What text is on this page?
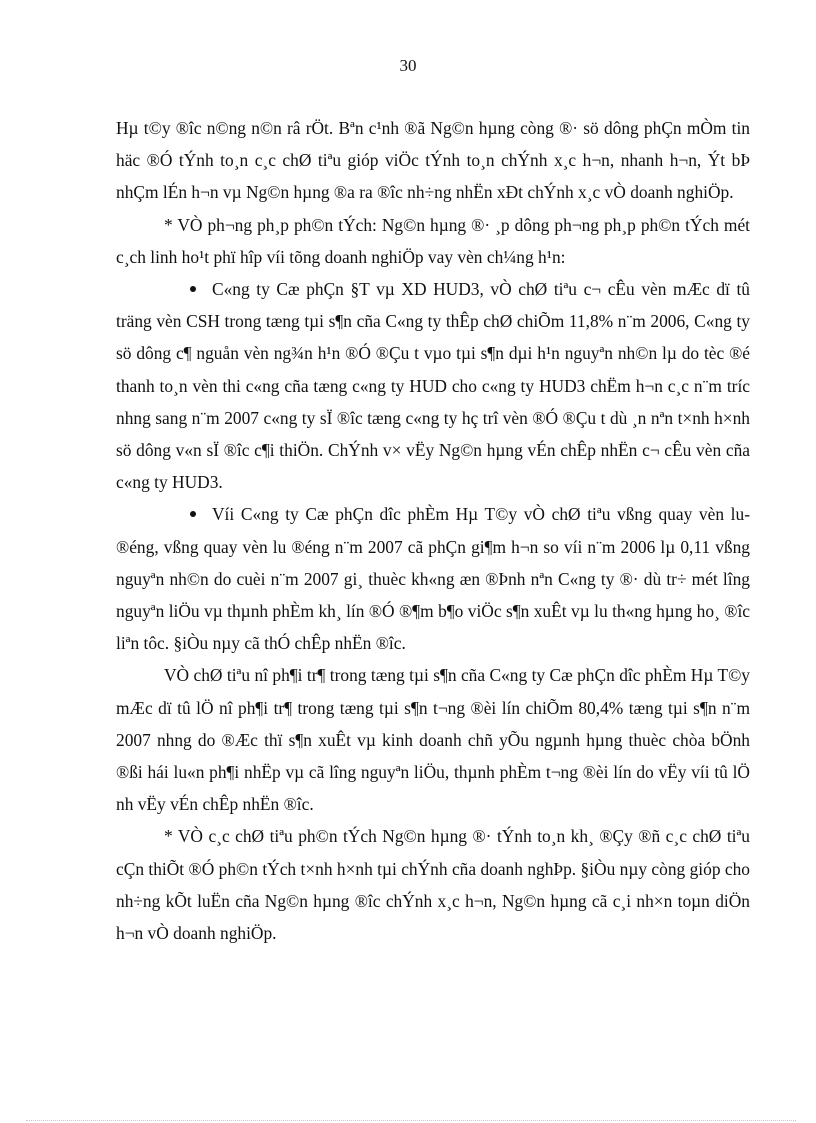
30

Hµ t©y ®îc n©ng n©n râ rÖt. Bªn c¹nh ®ã Ng©n hµng còng ®· sö dông phÇn mÒm tin häc ®Ó tÝnh to¸n c¸c chØ tiªu gióp viÖc tÝnh to¸n chÝnh x¸c h¬n, nhanh h¬n, Ýt bÞ nhÇm lÉn h¬n vµ Ng©n hµng ®a ra ®îc nh÷ng nhËn xÐt chÝnh x¸c vÒ doanh nghiÖp.

* VÒ ph¬ng ph¸p ph©n tÝch: Ng©n hµng ®· ¸p dông ph¬ng ph¸p ph©n tÝch mét c¸ch linh ho¹t phï hîp víi tõng doanh nghiÖp vay vèn ch¼ng h¹n:

C«ng ty Cæ phÇn §T vµ XD HUD3, vÒ chØ tiªu c¬ cÊu vèn mÆc dï tû träng vèn CSH trong tæng tµi s¶n cña C«ng ty thÊp chØ chiÕm 11,8% n¨m 2006, C«ng ty sö dông c¶ nguån vèn ng¾n h¹n ®Ó ®Çu t vµo tµi s¶n dµi h¹n nguyªn nh©n lµ do tèc ®é thanh to¸n vèn thi c«ng cña tæng c«ng ty HUD cho c«ng ty HUD3 chËm h¬n c¸c n¨m tríc nhng sang n¨m 2007 c«ng ty sÏ ®îc tæng c«ng ty hç trî vèn ®Ó ®Çu t dù ¸n nªn t×nh h×nh sö dông v«n sÏ ®îc c¶i thiÖn. ChÝnh v× vËy Ng©n hµng vÉn chÊp nhËn c¬ cÊu vèn cña c«ng ty HUD3.

Víi C«ng ty Cæ phÇn dîc phÈm Hµ T©y vÒ chØ tiªu vßng quay vèn lu ®éng, vßng quay vèn lu ®éng n¨m 2007 cã phÇn gi¶m h¬n so víi n¨m 2006 lµ 0,11 vßng nguyªn nh©n do cuèi n¨m 2007 gi¸ thuèc kh«ng æn ®Þnh nªn C«ng ty ®· dù tr÷ mét lîng nguyªn liÖu vµ thµnh phÈm kh¸ lín ®Ó ®¶m b¶o viÖc s¶n xuÊt vµ lu th«ng hµng ho¸ ®îc liªn tôc. §iÒu nµy cã thÓ chÊp nhËn ®îc.

VÒ chØ tiªu nî ph¶i tr¶ trong tæng tµi s¶n cña C«ng ty Cæ phÇn dîc phÈm Hµ T©y mÆc dï tû lÖ nî ph¶i tr¶ trong tæng tµi s¶n t¬ng ®èi lín chiÕm 80,4% tæng tµi s¶n n¨m 2007 nhng do ®Æc thï s¶n xuÊt vµ kinh doanh chñ yÕu ngµnh hµng thuèc chòa bÖnh ®ßi hái lu«n ph¶i nhËp vµ cã lîng nguyªn liÖu, thµnh phÈm t¬ng ®èi lín do vËy víi tû lÖ nh vËy vÉn chÊp nhËn ®îc.

* VÒ c¸c chØ tiªu ph©n tÝch Ng©n hµng ®· tÝnh to¸n kh¸ ®Çy ®ñ c¸c chØ tiªu cÇn thiÕt ®Ó ph©n tÝch t×nh h×nh tµi chÝnh cña doanh nghÞp. §iÒu nµy còng gióp cho nh÷ng kÕt luËn cña Ng©n hµng ®îc chÝnh x¸c h¬n, Ng©n hµng cã c¸i nh×n toµn diÖn h¬n vÒ doanh nghiÖp.
